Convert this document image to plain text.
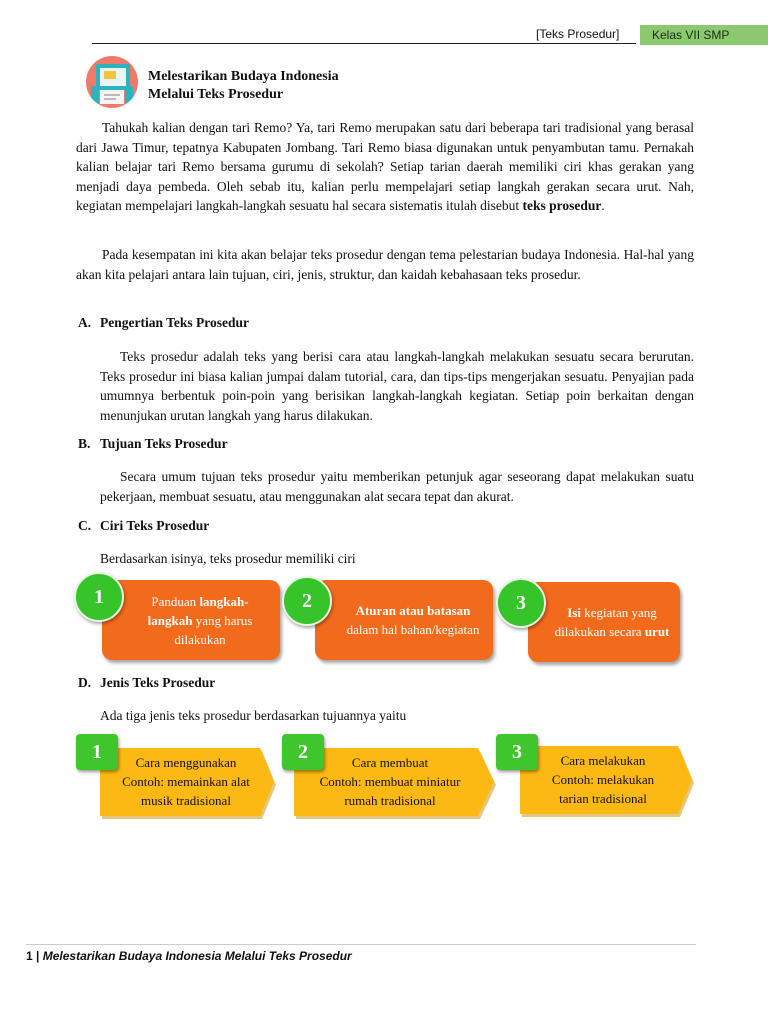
[Teks Prosedur]	Kelas VII SMP
Melestarikan Budaya Indonesia
Melalui Teks Prosedur
Tahukah kalian dengan tari Remo? Ya, tari Remo merupakan satu dari beberapa tari tradisional yang berasal dari Jawa Timur, tepatnya Kabupaten Jombang. Tari Remo biasa digunakan untuk penyambutan tamu. Pernakah kalian belajar tari Remo bersama gurumu di sekolah? Setiap tarian daerah memiliki ciri khas gerakan yang menjadi daya pembeda. Oleh sebab itu, kalian perlu mempelajari setiap langkah gerakan secara urut. Nah, kegiatan mempelajari langkah-langkah sesuatu hal secara sistematis itulah disebut teks prosedur.
Pada kesempatan ini kita akan belajar teks prosedur dengan tema pelestarian budaya Indonesia. Hal-hal yang akan kita pelajari antara lain tujuan, ciri, jenis, struktur, dan kaidah kebahasaan teks prosedur.
A. Pengertian Teks Prosedur
Teks prosedur adalah teks yang berisi cara atau langkah-langkah melakukan sesuatu secara berurutan. Teks prosedur ini biasa kalian jumpai dalam tutorial, cara, dan tips-tips mengerjakan sesuatu. Penyajian pada umumnya berbentuk poin-poin yang berisikan langkah-langkah kegiatan. Setiap poin berkaitan dengan menunjukan urutan langkah yang harus dilakukan.
B. Tujuan Teks Prosedur
Secara umum tujuan teks prosedur yaitu memberikan petunjuk agar seseorang dapat melakukan suatu pekerjaan, membuat sesuatu, atau menggunakan alat secara tepat dan akurat.
C. Ciri Teks Prosedur
Berdasarkan isinya, teks prosedur memiliki ciri
Panduan langkah-langkah yang harus dilakukan
1
Aturan atau batasan dalam hal bahan/kegiatan
2
Isi kegiatan yang dilakukan secara urut
3
D. Jenis Teks Prosedur
Ada tiga jenis teks prosedur berdasarkan tujuannya yaitu
Cara menggunakan
Contoh: memainkan alat
musik tradisional
1	Cara membuat
Contoh: membuat miniatur
rumah tradisional
2	Cara melakukan
Contoh: melakukan
tarian tradisional
3
1 | Melestarikan Budaya Indonesia Melalui Teks Prosedur
